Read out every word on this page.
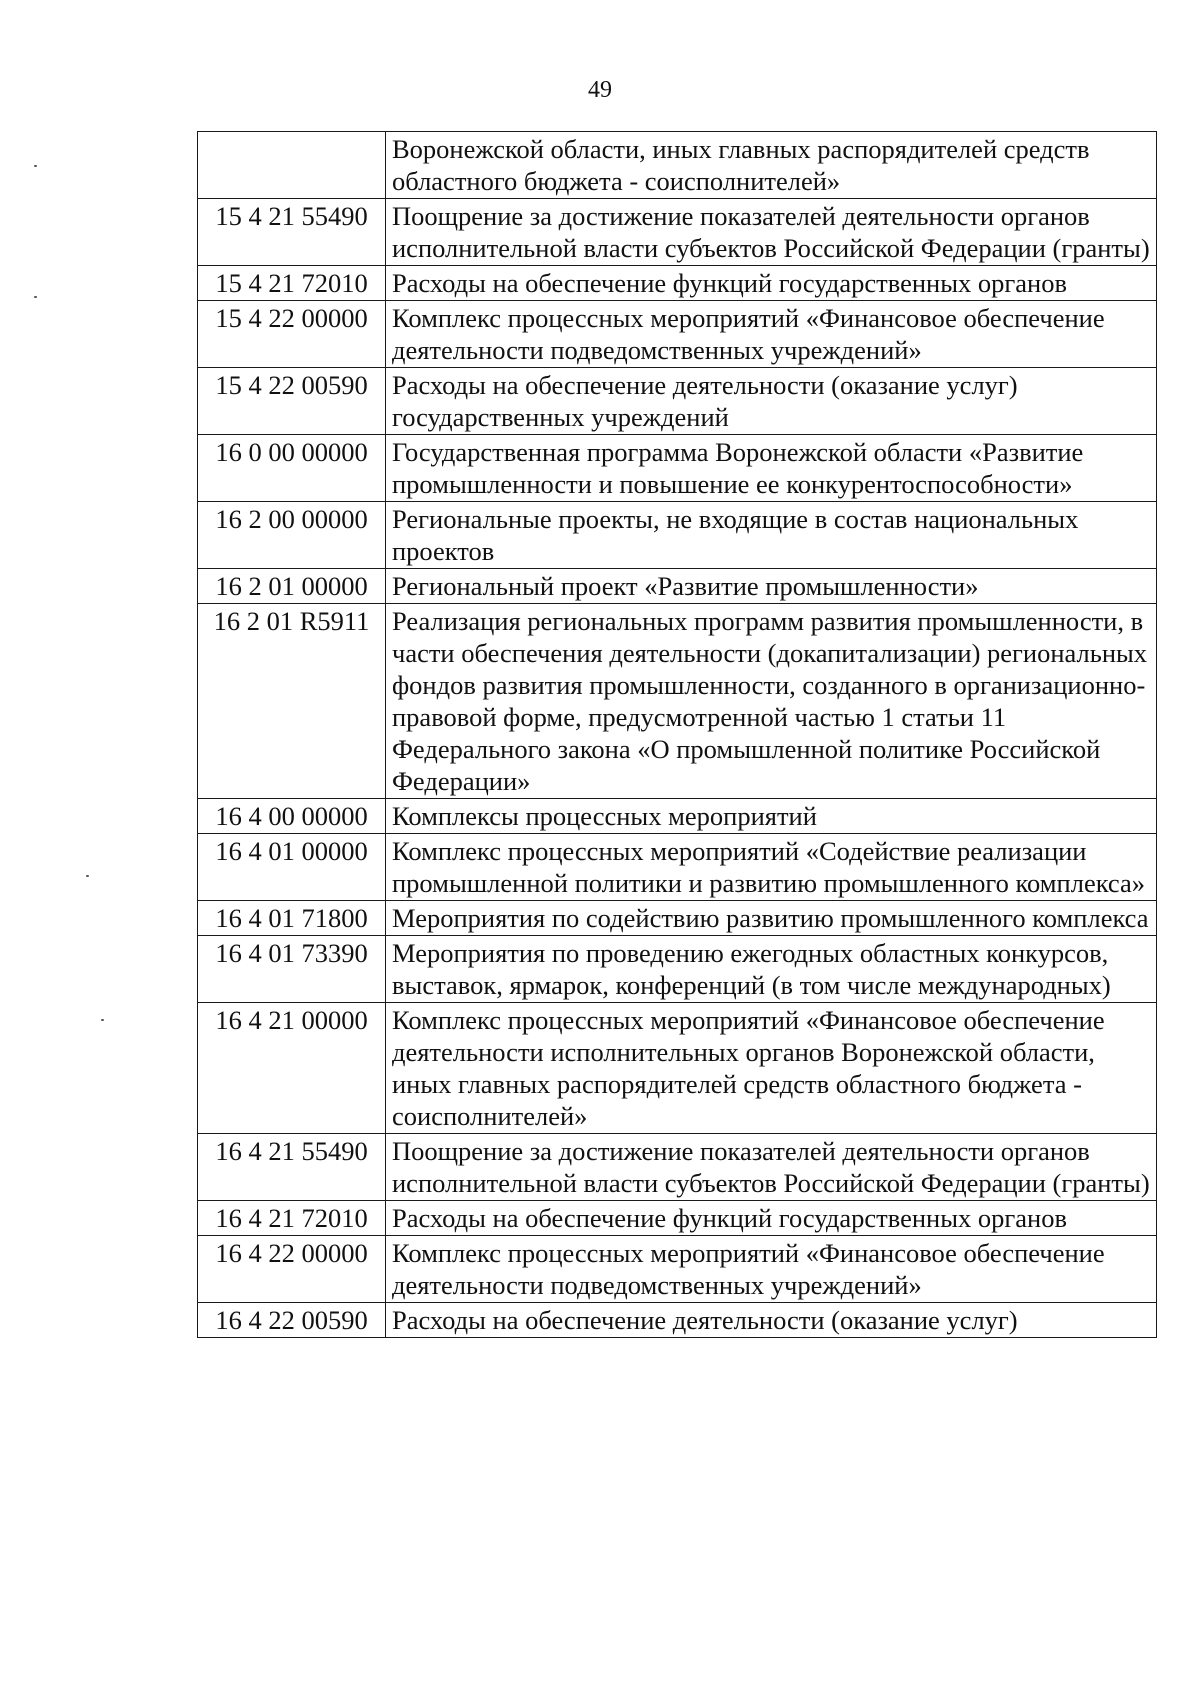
49
	Воронежской области, иных главных распорядителей средств областного бюджета - соисполнителей»
15 4 21 55490	Поощрение за достижение показателей деятельности органов исполнительной власти субъектов Российской Федерации (гранты)
15 4 21 72010	Расходы на обеспечение функций государственных органов
15 4 22 00000	Комплекс процессных мероприятий «Финансовое обеспечение деятельности подведомственных учреждений»
15 4 22 00590	Расходы на обеспечение деятельности (оказание услуг) государственных учреждений
16 0 00 00000	Государственная программа Воронежской области «Развитие промышленности и повышение ее конкурентоспособности»
16 2 00 00000	Региональные проекты, не входящие в состав национальных проектов
16 2 01 00000	Региональный проект «Развитие промышленности»
16 2 01 R5911	Реализация региональных программ развития промышленности, в части обеспечения деятельности (докапитализации) региональных фондов развития промышленности, созданного в организационно-правовой форме, предусмотренной частью 1 статьи 11 Федерального закона «О промышленной политике Российской Федерации»
16 4 00 00000	Комплексы процессных мероприятий
16 4 01 00000	Комплекс процессных мероприятий «Содействие реализации промышленной политики и развитию промышленного комплекса»
16 4 01 71800	Мероприятия по содействию развитию промышленного комплекса
16 4 01 73390	Мероприятия по проведению ежегодных областных конкурсов, выставок, ярмарок, конференций (в том числе международных)
16 4 21 00000	Комплекс процессных мероприятий «Финансовое обеспечение деятельности исполнительных органов Воронежской области, иных главных распорядителей средств областного бюджета - соисполнителей»
16 4 21 55490	Поощрение за достижение показателей деятельности органов исполнительной власти субъектов Российской Федерации (гранты)
16 4 21 72010	Расходы на обеспечение функций государственных органов
16 4 22 00000	Комплекс процессных мероприятий «Финансовое обеспечение деятельности подведомственных учреждений»
16 4 22 00590	Расходы на обеспечение деятельности (оказание услуг)
